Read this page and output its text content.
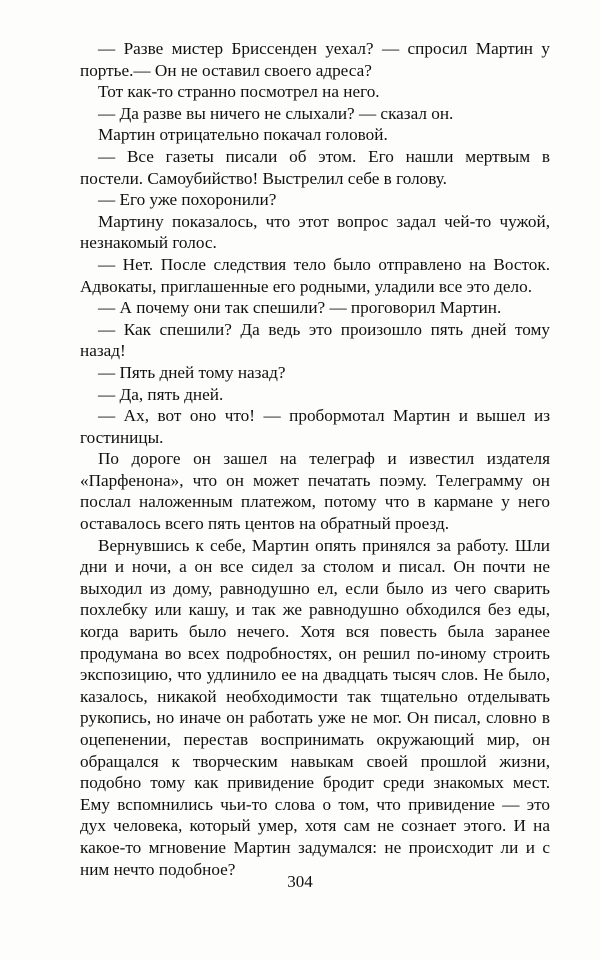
— Разве мистер Бриссенден уехал? — спросил Мартин у портье.— Он не оставил своего адреса?

Тот как-то странно посмотрел на него.

— Да разве вы ничего не слыхали? — сказал он.

Мартин отрицательно покачал головой.

— Все газеты писали об этом. Его нашли мертвым в постели. Самоубийство! Выстрелил себе в голову.

— Его уже похоронили?

Мартину показалось, что этот вопрос задал чей-то чужой, незнакомый голос.

— Нет. После следствия тело было отправлено на Восток. Адвокаты, приглашенные его родными, уладили все это дело.

— А почему они так спешили? — проговорил Мартин.

— Как спешили? Да ведь это произошло пять дней тому назад!

— Пять дней тому назад?

— Да, пять дней.

— Ах, вот оно что! — пробормотал Мартин и вышел из гостиницы.

По дороге он зашел на телеграф и известил издателя «Парфенона», что он может печатать поэму. Телеграмму он послал наложенным платежом, потому что в кармане у него оставалось всего пять центов на обратный проезд.

Вернувшись к себе, Мартин опять принялся за работу. Шли дни и ночи, а он все сидел за столом и писал. Он почти не выходил из дому, равнодушно ел, если было из чего сварить похлебку или кашу, и так же равнодушно обходился без еды, когда варить было нечего. Хотя вся повесть была заранее продумана во всех подробностях, он решил по-иному строить экспозицию, что удлинило ее на двадцать тысяч слов. Не было, казалось, никакой необходимости так тщательно отделывать рукопись, но иначе он работать уже не мог. Он писал, словно в оцепенении, перестав воспринимать окружающий мир, он обращался к творческим навыкам своей прошлой жизни, подобно тому как привидение бродит среди знакомых мест. Ему вспомнились чьи-то слова о том, что привидение — это дух человека, который умер, хотя сам не сознает этого. И на какое-то мгновение Мартин задумался: не происходит ли и с ним нечто подобное?

304
